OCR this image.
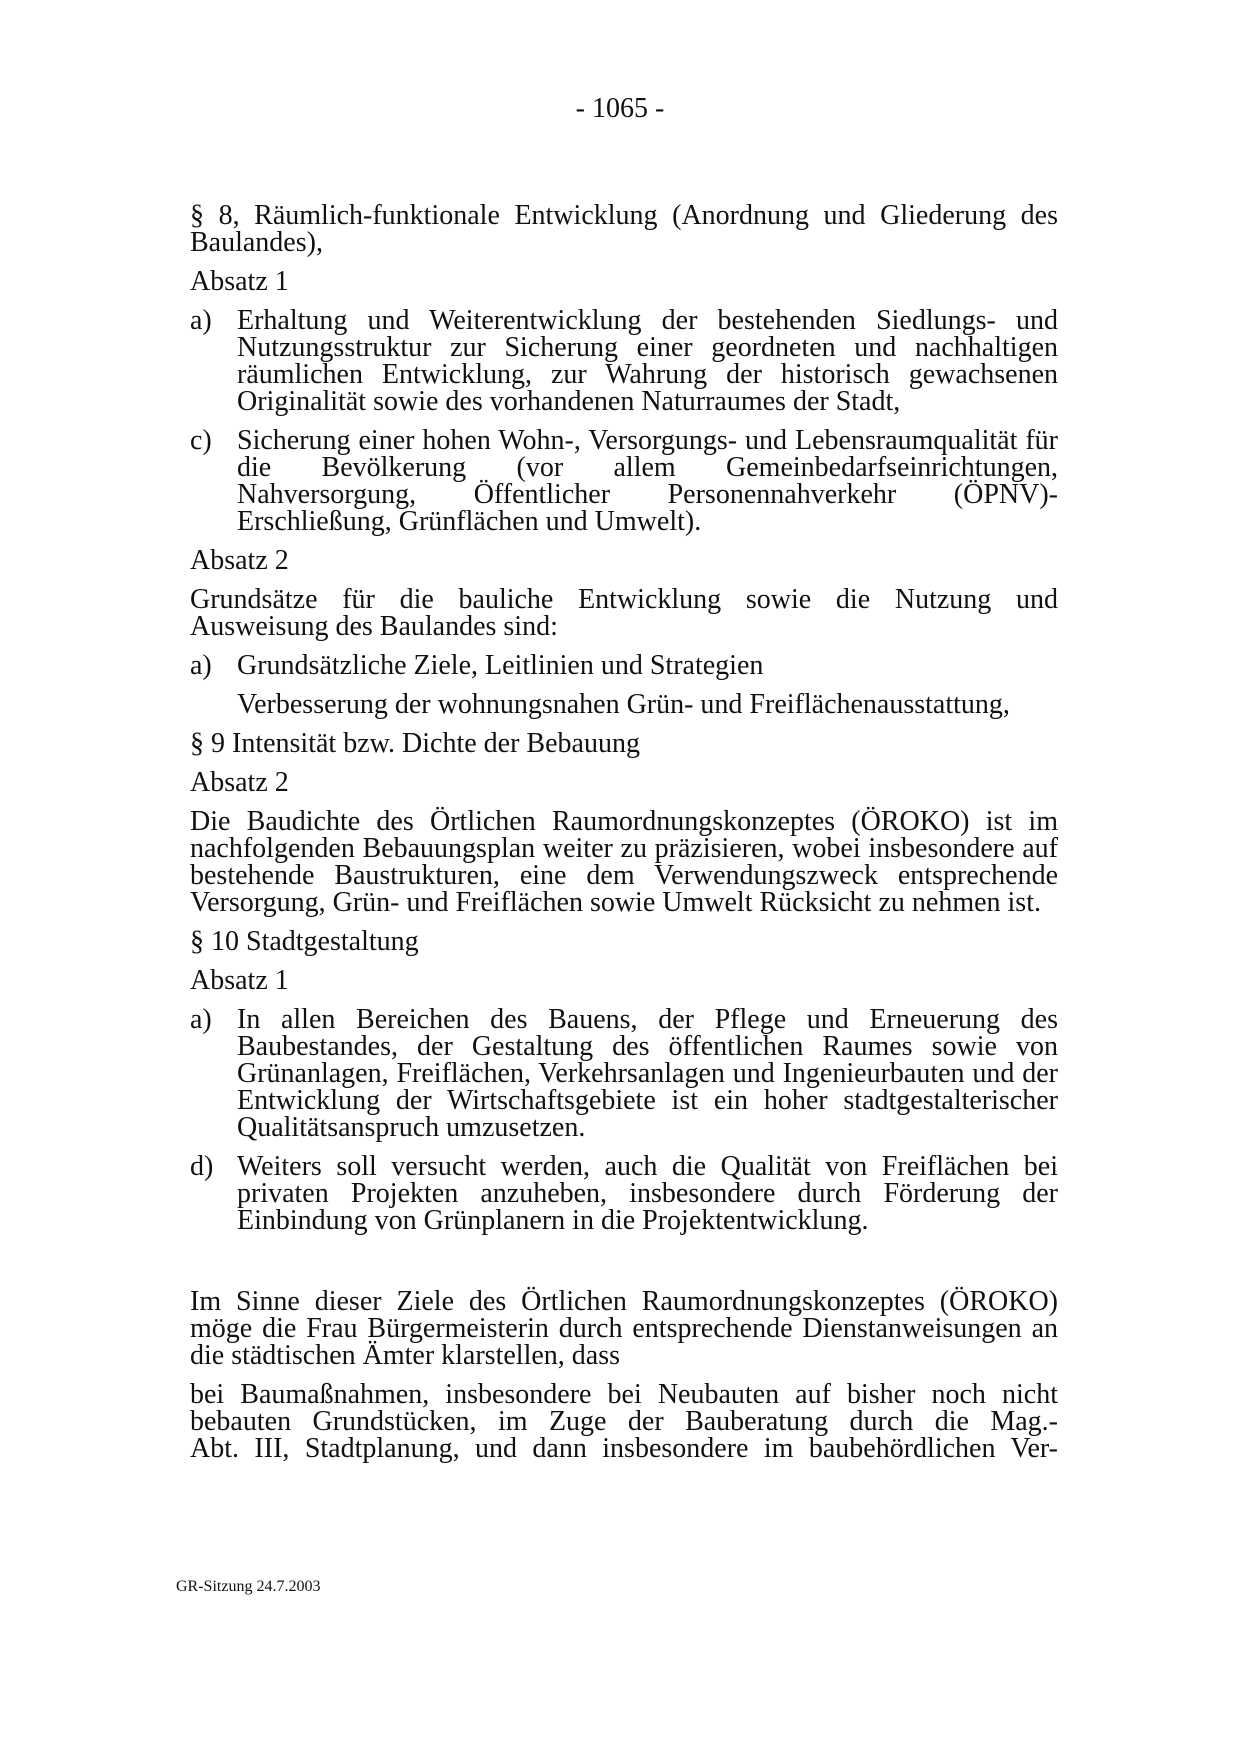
- 1065 -
§ 8, Räumlich-funktionale Entwicklung (Anordnung und Gliederung des Baulandes),
Absatz 1
a) Erhaltung und Weiterentwicklung der bestehenden Siedlungs- und Nutzungsstruktur zur Sicherung einer geordneten und nachhaltigen räumlichen Entwicklung, zur Wahrung der historisch gewachsenen Originalität sowie des vorhandenen Naturraumes der Stadt,
c) Sicherung einer hohen Wohn-, Versorgungs- und Lebensraumqualität für die Bevölkerung (vor allem Gemeinbedarfseinrichtungen, Nahversorgung, Öffentlicher Personennahverkehr (ÖPNV)-Erschließung, Grünflächen und Umwelt).
Absatz 2
Grundsätze für die bauliche Entwicklung sowie die Nutzung und Ausweisung des Baulandes sind:
a) Grundsätzliche Ziele, Leitlinien und Strategien
Verbesserung der wohnungsnahen Grün- und Freiflächenausstattung,
§ 9 Intensität bzw. Dichte der Bebauung
Absatz 2
Die Baudichte des Örtlichen Raumordnungskonzeptes (ÖROKO) ist im nachfolgenden Bebauungsplan weiter zu präzisieren, wobei insbesondere auf bestehende Baustrukturen, eine dem Verwendungszweck entsprechende Versorgung, Grün- und Freiflächen sowie Umwelt Rücksicht zu nehmen ist.
§ 10 Stadtgestaltung
Absatz 1
a) In allen Bereichen des Bauens, der Pflege und Erneuerung des Baubestandes, der Gestaltung des öffentlichen Raumes sowie von Grünanlagen, Freiflächen, Verkehrsanlagen und Ingenieurbauten und der Entwicklung der Wirtschaftsgebiete ist ein hoher stadtgestalterischer Qualitätsanspruch umzusetzen.
d) Weiters soll versucht werden, auch die Qualität von Freiflächen bei privaten Projekten anzuheben, insbesondere durch Förderung der Einbindung von Grünplanern in die Projektentwicklung.
Im Sinne dieser Ziele des Örtlichen Raumordnungskonzeptes (ÖROKO) möge die Frau Bürgermeisterin durch entsprechende Dienstanweisungen an die städtischen Ämter klarstellen, dass
bei Baumaßnahmen, insbesondere bei Neubauten auf bisher noch nicht bebauten Grundstücken, im Zuge der Bauberatung durch die Mag.-
Abt. III, Stadtplanung, und dann insbesondere im baubehördlichen Ver-
GR-Sitzung 24.7.2003
